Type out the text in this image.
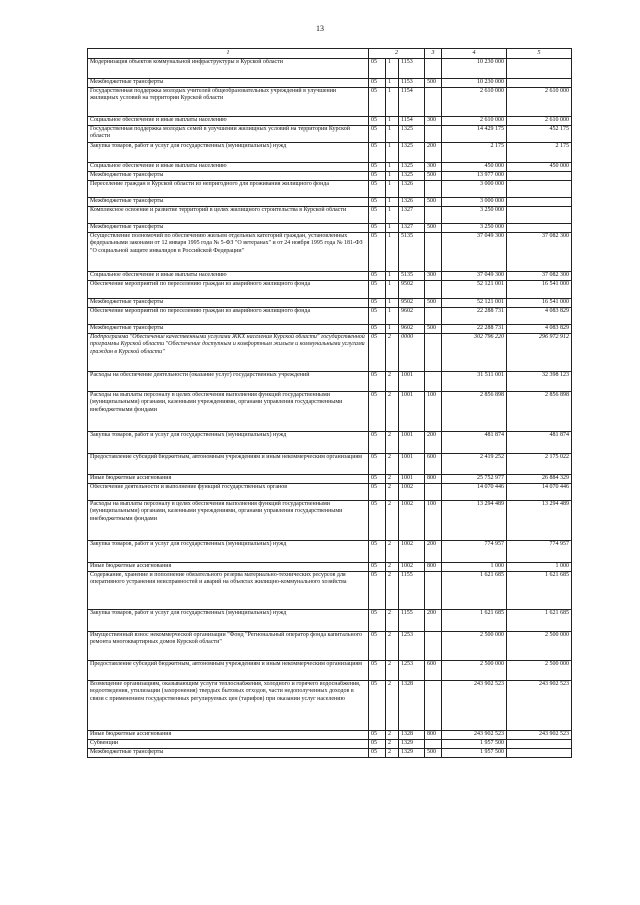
13
1	2			3	4	5
Модернизация объектов коммунальной инфраструктуры в Курской области	05	1	1153		10 230 000	
Межбюджетные трансферты	05	1	1153	500	10 230 000	
Государственная поддержка молодых учителей общеобразовательных учреждений в улучшении жилищных условий на территории Курской области	05	1	1154		2 610 000	2 610 000
Социальное обеспечение и иные выплаты населению	05	1	1154	300	2 610 000	2 610 000
Государственная поддержка молодых семей в улучшении жилищных условий на территории Курской области	05	1	1325		14 429 175	452 175
Закупка товаров, работ и услуг для государственных (муниципальных) нужд	05	1	1325	200	2 175	2 175
Социальное обеспечение и иные выплаты населению	05	1	1325	300	450 000	450 000
Межбюджетные трансферты	05	1	1325	500	13 977 000	
Переселение граждан в Курской области из непригодного для проживания жилищного фонда	05	1	1326		3 000 000	
Межбюджетные трансферты	05	1	1326	500	3 000 000	
Комплексное освоение и развитие территорий в целях жилищного строительства в Курской области	05	1	1327		3 250 000	
Межбюджетные трансферты	05	1	1327	500	3 250 000	
Осуществление полномочий по обеспечению жильем отдельных категорий граждан, установленных федеральными законами от 12 января 1995 года № 5-ФЗ "О ветеранах" и от 24 ноября 1995 года № 181-ФЗ "О социальной защите инвалидов в Российской Федерации"	05	1	5135		37 049 300	37 082 300
Социальное обеспечение и иные выплаты населению	05	1	5135	300	37 049 300	37 082 300
Обеспечение мероприятий по переселению граждан из аварийного жилищного фонда	05	1	9502		52 121 001	16 541 000
Межбюджетные трансферты	05	1	9502	500	52 121 001	16 541 000
Обеспечение мероприятий по переселению граждан из аварийного жилищного фонда	05	1	9602		22 288 731	4 083 829
Межбюджетные трансферты	05	1	9602	500	22 288 731	4 083 829
Подпрограмма "Обеспечение качественными услугами ЖКХ населения Курской области" государственной программы Курской области "Обеспечение доступным и комфортным жильем и коммунальными услугами граждан в Курской области"	05	2	0000		302 796 220	296 972 912
Расходы на обеспечение деятельности (оказание услуг) государственных учреждений	05	2	1001		31 511 001	32 398 123
Расходы на выплаты персоналу в целях обеспечения выполнения функций государственными (муниципальными) органами, казенными учреждениями, органами управления государственными внебюджетными фондами	05	2	1001	100	2 856 898	2 856 898
Закупка товаров, работ и услуг для государственных (муниципальных) нужд	05	2	1001	200	481 874	481 874
Предоставление субсидий бюджетным, автономным учреждениям и иным некоммерческим организациям	05	2	1001	600	2 419 252	2 175 022
Иные бюджетные ассигнования	05	2	1001	800	25 752 977	26 884 329
Обеспечение деятельности и выполнение функций государственных органов	05	2	1002		14 070 446	14 070 446
Расходы на выплаты персоналу в целях обеспечения выполнения функций государственными (муниципальными) органами, казенными учреждениями, органами управления государственными внебюджетными фондами	05	2	1002	100	13 294 489	13 294 489
Закупка товаров, работ и услуг для государственных (муниципальных) нужд	05	2	1002	200	774 957	774 957
Иные бюджетные ассигнования	05	2	1002	800	1 000	1 000
Содержание, хранение и пополнение обязательного резерва материально-технических ресурсов для оперативного устранения неисправностей и аварий на объектах жилищно-коммунального хозяйства	05	2	1155		1 621 685	1 621 685
Закупка товаров, работ и услуг для государственных (муниципальных) нужд	05	2	1155	200	1 621 685	1 621 685
Имущественный взнос некоммерческой организации "Фонд "Региональный оператор фонда капитального ремонта многоквартирных домов Курской области"	05	2	1253		2 500 000	2 500 000
Предоставление субсидий бюджетным, автономным учреждениям и иным некоммерческим организациям	05	2	1253	600	2 500 000	2 500 000
Возмещение организациям, оказывающим услуги теплоснабжения, холодного и горячего водоснабжения, водоотведения, утилизации (захоронения) твердых бытовых отходов, части недополученных доходов в связи с применением государственных регулируемых цен (тарифов) при оказании услуг населению	05	2	1328		243 902 523	243 902 523
Иные бюджетные ассигнования	05	2	1328	800	243 902 523	243 902 523
Субвенции	05	2	1329		1 957 500	
Межбюджетные трансферты	05	2	1329	500	1 957 500	
